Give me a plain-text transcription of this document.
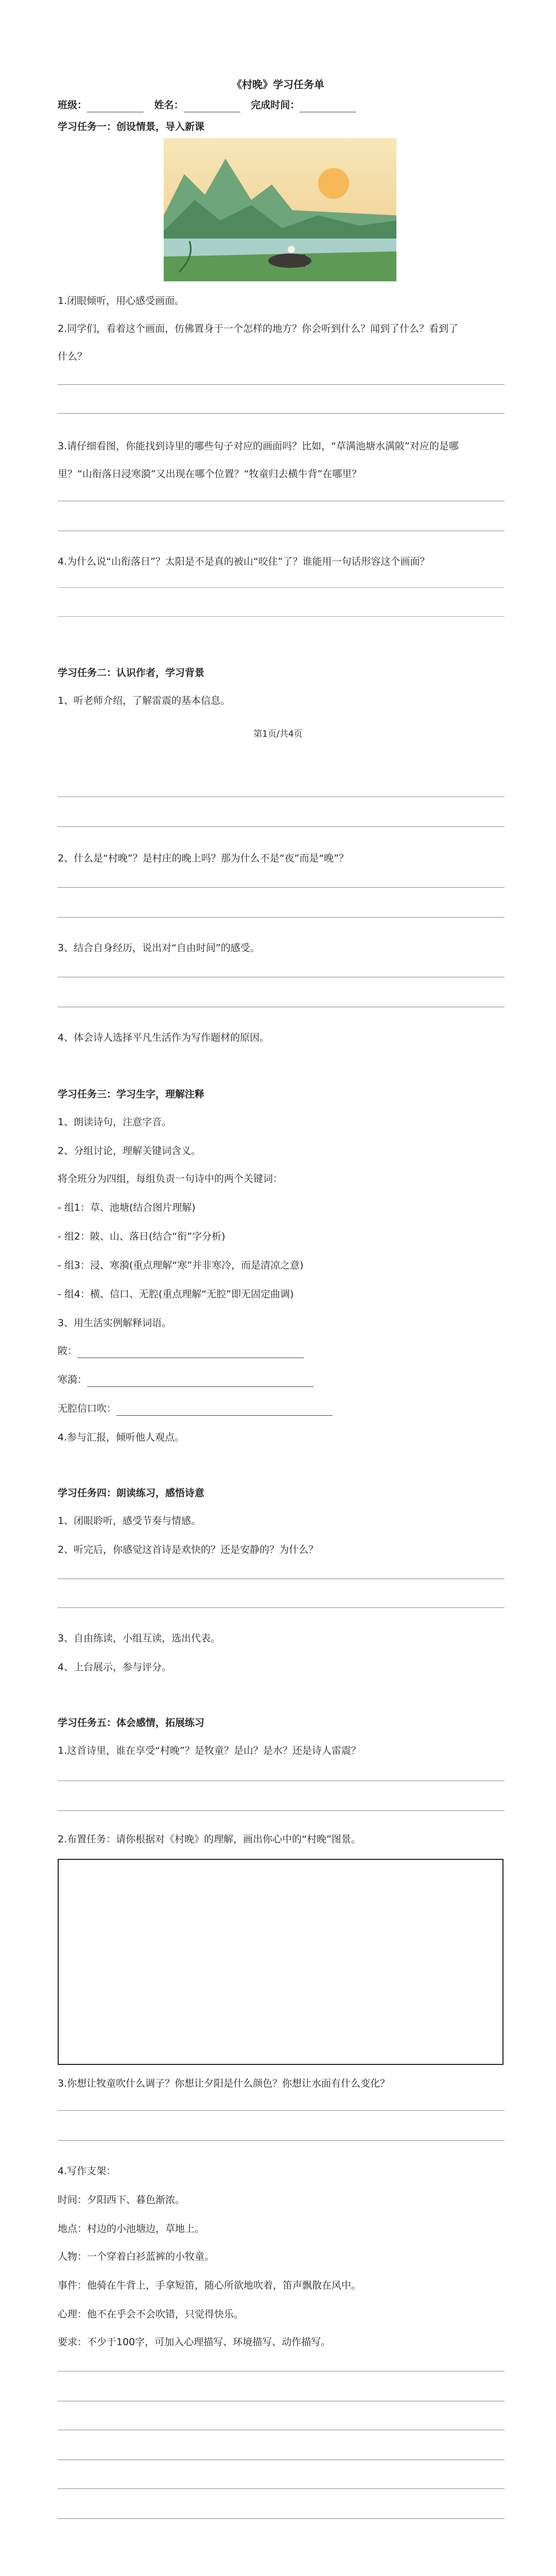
《村晚》学习任务单
班级：	姓名：	完成时间：
学习任务一：创设情景，导入新课
1.闭眼倾听，用心感受画面。
2.同学们，看着这个画面，仿佛置身于一个怎样的地方？你会听到什么？闻到了什么？看到了
什么？
3.请仔细看图，你能找到诗里的哪些句子对应的画面吗？比如，“草满池塘水满陂”对应的是哪
里？“山衔落日浸寒漪”又出现在哪个位置？“牧童归去横牛背”在哪里？
4.为什么说“山衔落日”？太阳是不是真的被山“咬住”了？谁能用一句话形容这个画面？
学习任务二：认识作者，学习背景
1、听老师介绍，了解雷震的基本信息。
第1页/共4页
2、什么是“村晚”？是村庄的晚上吗？那为什么不是“夜”而是“晚”？
3、结合自身经历，说出对“自由时间”的感受。
4、体会诗人选择平凡生活作为写作题材的原因。
学习任务三：学习生字，理解注释
1、朗读诗句，注意字音。
2、分组讨论，理解关键词含义。
将全班分为四组，每组负责一句诗中的两个关键词：
- 组1：草、池塘(结合图片理解)
- 组2：陂、山、落日(结合“衔”字分析)
- 组3：浸、寒漪(重点理解“寒”并非寒冷，而是清凉之意)
- 组4：横、信口、无腔(重点理解“无腔”即无固定曲调)
3、用生活实例解释词语。
陂：
寒漪：
无腔信口吹：
4.参与汇报，倾听他人观点。
学习任务四：朗读练习，感悟诗意
1、闭眼聆听，感受节奏与情感。
2、听完后，你感觉这首诗是欢快的？还是安静的？为什么？
3、自由练读，小组互读，选出代表。
4、上台展示，参与评分。
学习任务五：体会感情，拓展练习
1.这首诗里，谁在享受“村晚”？是牧童？是山？是水？还是诗人雷震？
2.布置任务：请你根据对《村晚》的理解，画出你心中的“村晚”图景。
3.你想让牧童吹什么调子？你想让夕阳是什么颜色？你想让水面有什么变化？
4.写作支架：
时间：夕阳西下、暮色渐浓。
地点：村边的小池塘边，草地上。
人物：一个穿着白衫蓝裤的小牧童。
事件：他骑在牛背上，手拿短笛，随心所欲地吹着，笛声飘散在风中。
心理：他不在乎会不会吹错，只觉得快乐。
要求：不少于100字，可加入心理描写、环境描写、动作描写。
